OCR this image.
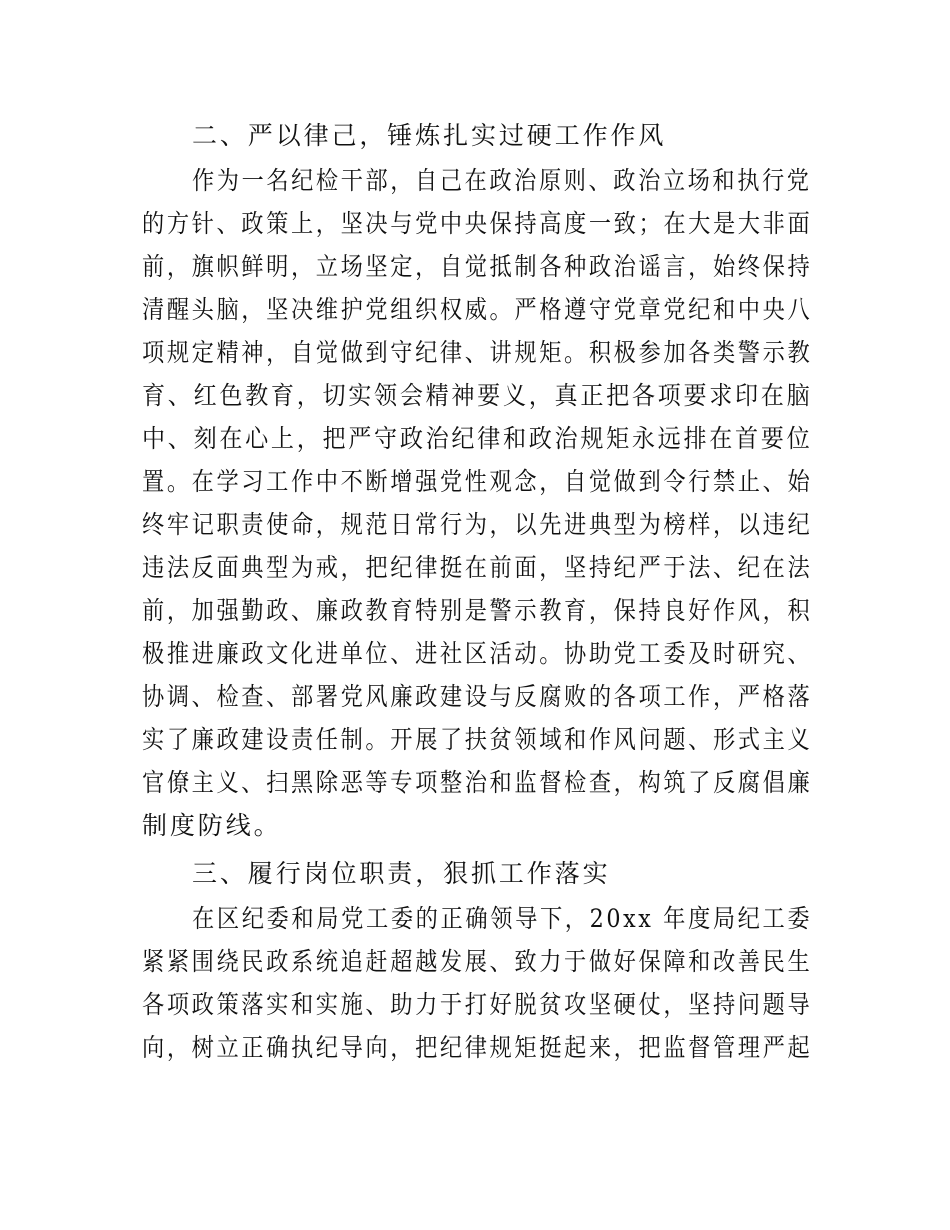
二、严以律己，锤炼扎实过硬工作作风
作为一名纪检干部，自己在政治原则、政治立场和执行党
的方针、政策上，坚决与党中央保持高度一致；在大是大非面
前，旗帜鲜明，立场坚定，自觉抵制各种政治谣言，始终保持
清醒头脑，坚决维护党组织权威。严格遵守党章党纪和中央八
项规定精神，自觉做到守纪律、讲规矩。积极参加各类警示教
育、红色教育，切实领会精神要义，真正把各项要求印在脑
中、刻在心上，把严守政治纪律和政治规矩永远排在首要位
置。在学习工作中不断增强党性观念，自觉做到令行禁止、始
终牢记职责使命，规范日常行为，以先进典型为榜样，以违纪
违法反面典型为戒，把纪律挺在前面，坚持纪严于法、纪在法
前，加强勤政、廉政教育特别是警示教育，保持良好作风，积
极推进廉政文化进单位、进社区活动。协助党工委及时研究、
协调、检查、部署党风廉政建设与反腐败的各项工作，严格落
实了廉政建设责任制。开展了扶贫领域和作风问题、形式主义
官僚主义、扫黑除恶等专项整治和监督检查，构筑了反腐倡廉
制度防线。
三、履行岗位职责，狠抓工作落实
在区纪委和局党工委的正确领导下，20xx 年度局纪工委
紧紧围绕民政系统追赶超越发展、致力于做好保障和改善民生
各项政策落实和实施、助力于打好脱贫攻坚硬仗，坚持问题导
向，树立正确执纪导向，把纪律规矩挺起来，把监督管理严起
